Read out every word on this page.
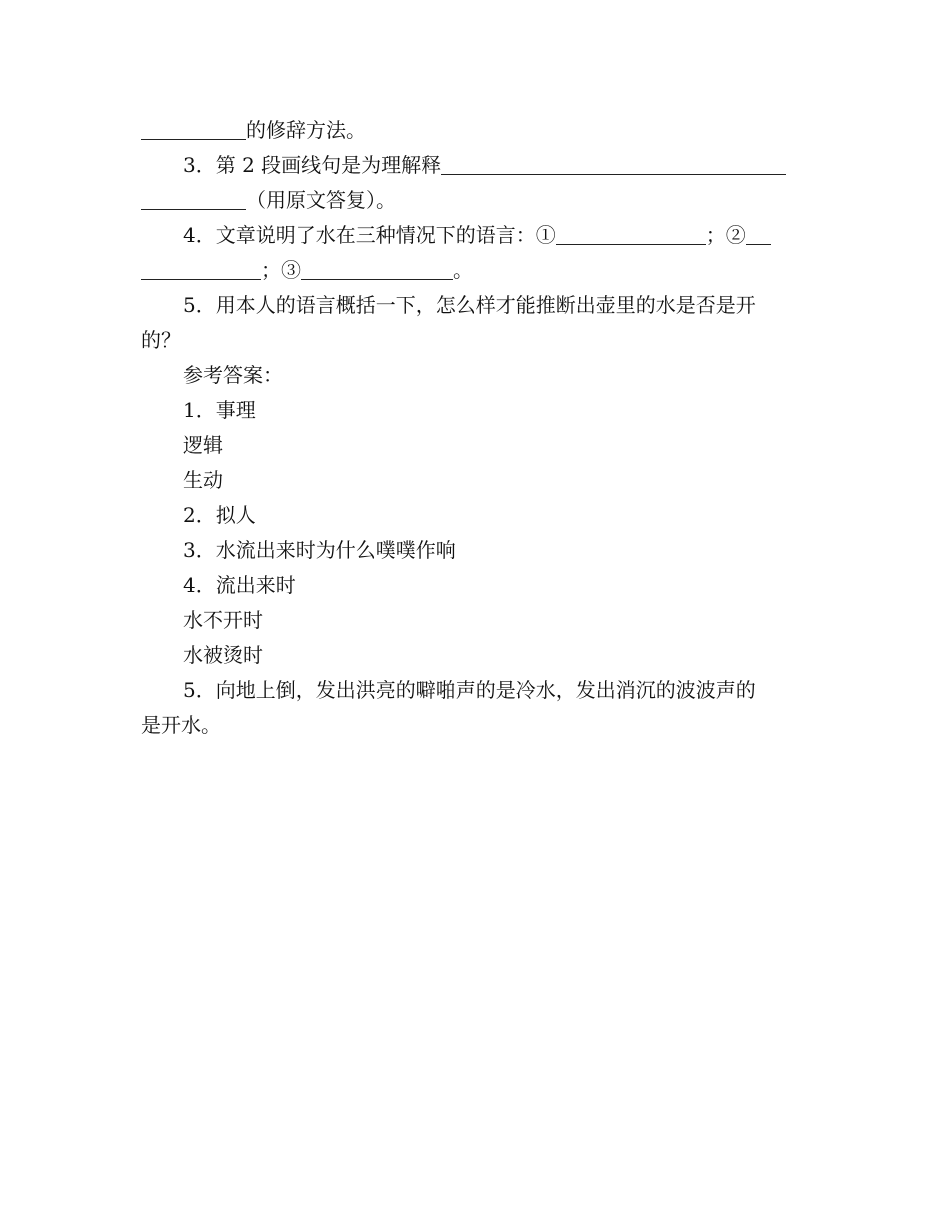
的修辞方法。
3．第 2 段画线句是为理解释
（用原文答复）。
4．文章说明了水在三种情况下的语言：①	；②
；③	。
5．用本人的语言概括一下，怎么样才能推断出壶里的水是否是开
的？
参考答案：
1．事理
逻辑
生动
2．拟人
3．水流出来时为什么噗噗作响
4．流出来时
水不开时
水被烫时
5．向地上倒，发出洪亮的噼啪声的是冷水，发出消沉的波波声的
是开水。
